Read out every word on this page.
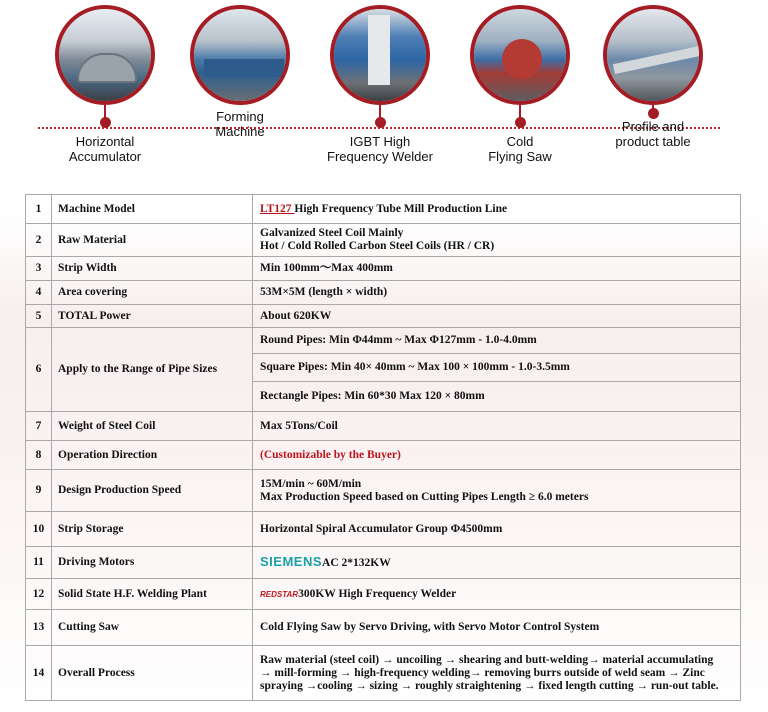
Horizontal
Accumulator
Forming
Machine
IGBT High
Frequency Welder
Cold
Flying Saw
Profile and
product table
1	Machine Model	LT127 High Frequency Tube Mill Production Line
2	Raw Material	Galvanized Steel Coil Mainly
Hot / Cold Rolled Carbon Steel Coils (HR / CR)

3	Strip Width	Min 100mm～Max 400mm
4	Area covering	53M×5M (length × width)
5	TOTAL Power	About 620KW
6	Apply to the Range of Pipe Sizes	Round Pipes: Min Φ44mm ~ Max Φ127mm - 1.0-4.0mm
Square Pipes: Min 40× 40mm ~ Max 100 × 100mm - 1.0-3.5mm
Rectangle Pipes: Min 60*30 Max 120 × 80mm

7	Weight of Steel Coil	Max 5Tons/Coil
8	Operation Direction	(Customizable by the Buyer)
9	Design Production Speed	15M/min ~ 60M/min
Max Production Speed based on Cutting Pipes Length ≥ 6.0 meters

10	Strip Storage	Horizontal Spiral Accumulator Group Φ4500mm
11	Driving Motors	SIEMENSAC 2*132KW
12	Solid State H.F. Welding Plant	REDSTAR300KW High Frequency Welder
13	Cutting Saw	Cold Flying Saw by Servo Driving, with Servo Motor Control System
14	Overall Process	Raw material (steel coil) → uncoiling → shearing and butt-welding→ material accumulating
→ mill-forming → high-frequency welding→ removing burrs outside of weld seam → Zinc
spraying →cooling → sizing → roughly straightening → fixed length cutting → run-out table.
